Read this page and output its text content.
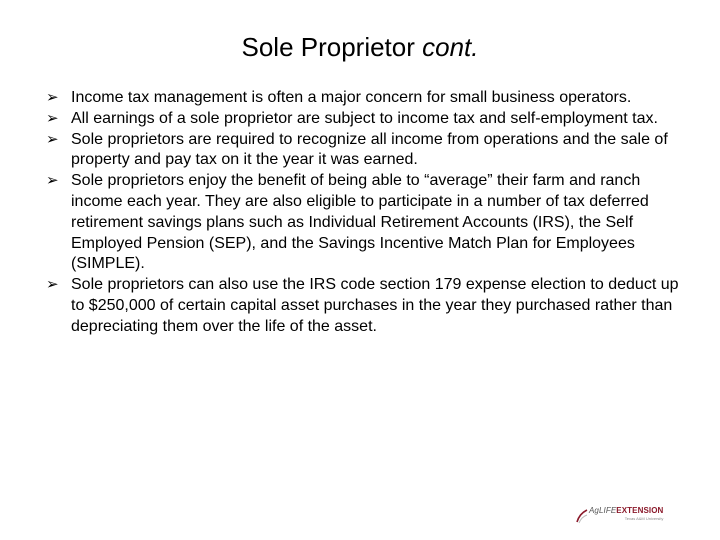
Sole Proprietor cont.
➢ Income tax management is often a major concern for small business operators.
➢ All earnings of a sole proprietor are subject to income tax and self-employment tax.
➢ Sole proprietors are required to recognize all income from operations and the sale of property and pay tax on it the year it was earned.
➢ Sole proprietors enjoy the benefit of being able to “average” their farm and ranch income each year. They are also eligible to participate in a number of tax deferred retirement savings plans such as Individual Retirement Accounts (IRS), the Self Employed Pension (SEP), and the Savings Incentive Match Plan for Employees (SIMPLE).
➢ Sole proprietors can also use the IRS code section 179 expense election to deduct up to $250,000 of certain capital asset purchases in the year they purchased rather than depreciating them over the life of the asset.
AgLIFEEXTENSION
Texas A&M University
